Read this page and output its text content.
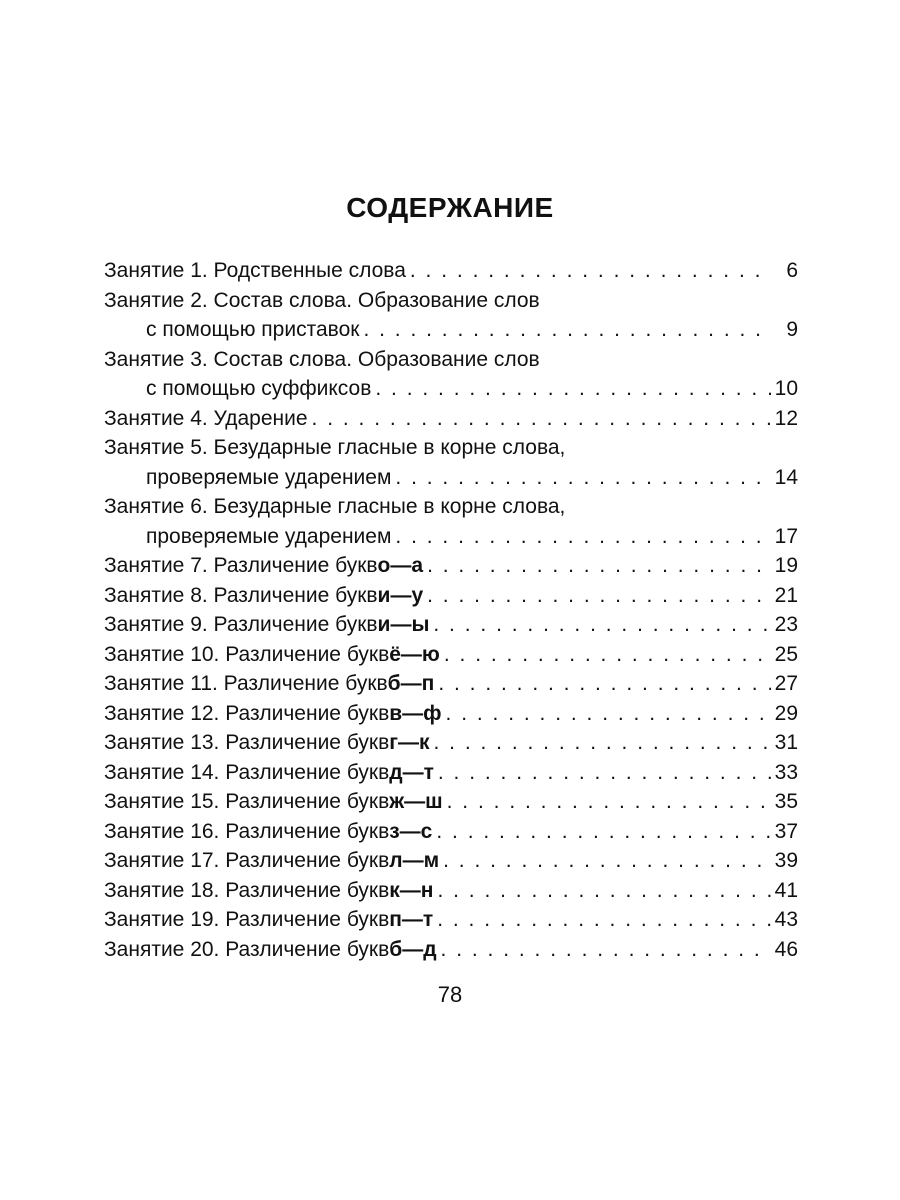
СОДЕРЖАНИЕ
Занятие 1. Родственные слова . . .	6
Занятие 2. Состав слова. Образование слов
с помощью приставок . . .	9
Занятие 3. Состав слова. Образование слов
с помощью суффиксов . . .	10
Занятие 4. Ударение . . .	12
Занятие 5. Безударные гласные в корне слова,
проверяемые ударением . . .	14
Занятие 6. Безударные гласные в корне слова,
проверяемые ударением . . .	17
Занятие 7. Различение букв о—а . . .	19
Занятие 8. Различение букв и—у . . .	21
Занятие 9. Различение букв и—ы . . .	23
Занятие 10. Различение букв ё—ю . . .	25
Занятие 11. Различение букв б—п . . .	27
Занятие 12. Различение букв в—ф . . .	29
Занятие 13. Различение букв г—к . . .	31
Занятие 14. Различение букв д—т . . .	33
Занятие 15. Различение букв ж—ш . . .	35
Занятие 16. Различение букв з—с . . .	37
Занятие 17. Различение букв л—м . . .	39
Занятие 18. Различение букв к—н . . .	41
Занятие 19. Различение букв п—т . . .	43
Занятие 20. Различение букв б—д . . .	46
78
